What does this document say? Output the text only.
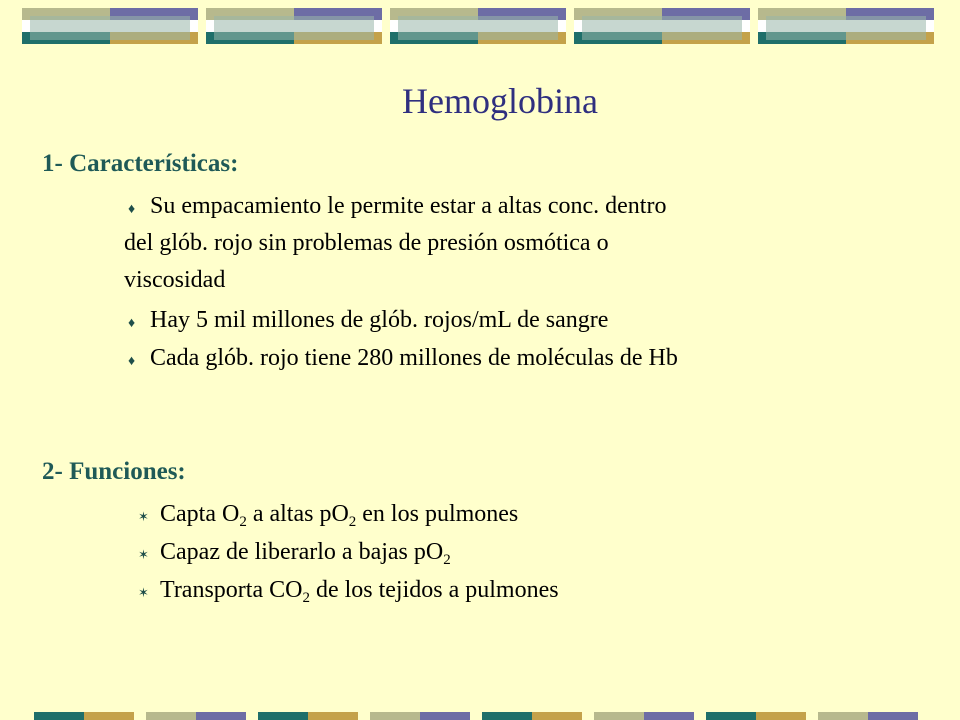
Hemoglobina
1- Características:
♦ Su empacamiento le permite estar a altas conc. dentro
del glób. rojo sin problemas de presión osmótica o
viscosidad
♦ Hay 5 mil millones de glób. rojos/mL de sangre
♦ Cada glób. rojo tiene 280 millones de moléculas de Hb
2- Funciones:
✶ Capta $O_2$ a altas $pO_2$ en los pulmones
✶ Capaz de liberarlo a bajas $pO_2$
✶ Transporta $CO_2$ de los tejidos a pulmones
